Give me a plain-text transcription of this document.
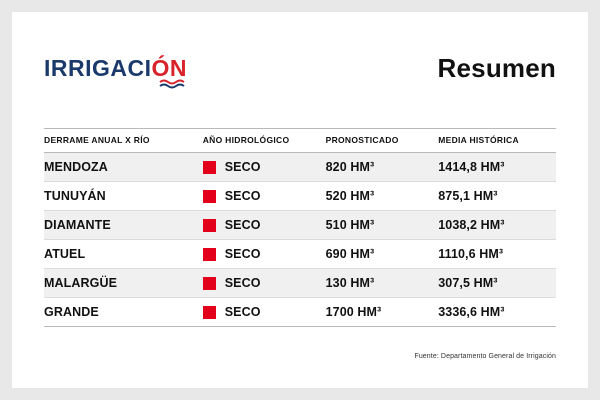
IRRIGACIÓN	Resumen
DERRAME ANUAL X RÍO	AÑO HIDROLÓGICO	PRONOSTICADO	MEDIA HISTÓRICA
MENDOZA	SECO	820 HM³	1414,8 HM³
TUNUYÁN	SECO	520 HM³	875,1 HM³
DIAMANTE	SECO	510 HM³	1038,2 HM³
ATUEL	SECO	690 HM³	1110,6 HM³
MALARGÜE	SECO	130 HM³	307,5 HM³
GRANDE	SECO	1700 HM³	3336,6 HM³
Fuente: Departamento General de Irrigación
